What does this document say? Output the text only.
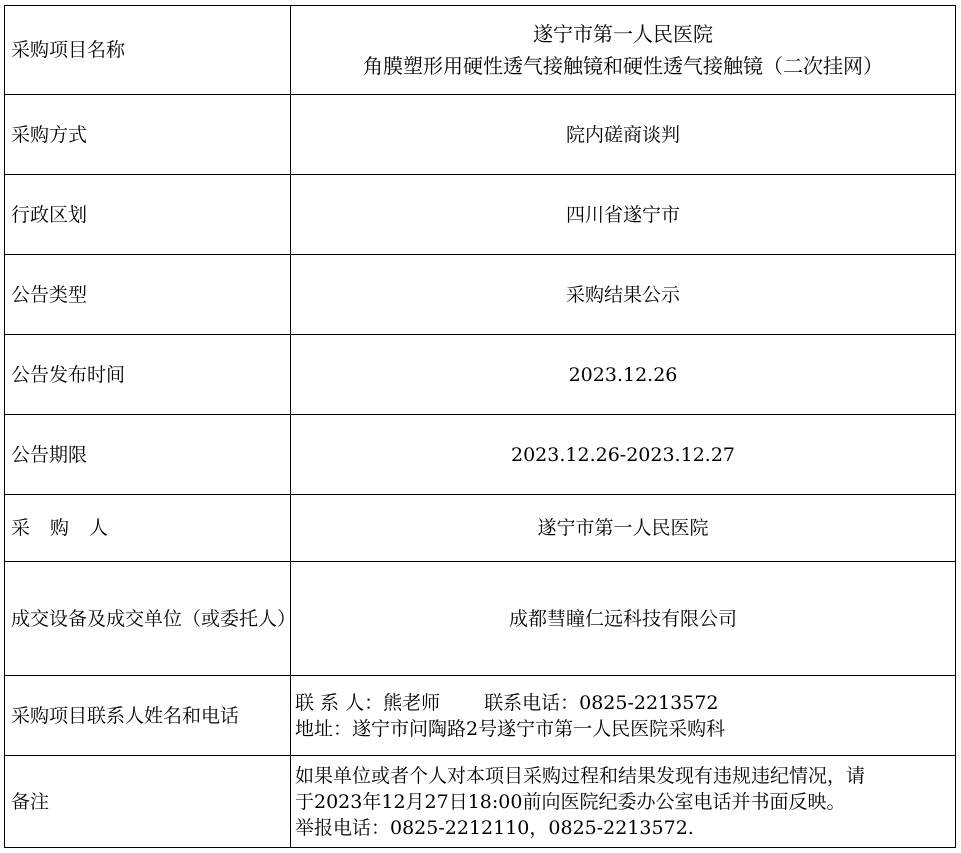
采购项目名称	遂宁市第一人民医院
角膜塑形用硬性透气接触镜和硬性透气接触镜（二次挂网）

采购方式	院内磋商谈判
行政区划	四川省遂宁市
公告类型	采购结果公示
公告发布时间	2023.12.26
公告期限	2023.12.26-2023.12.27
采购人	遂宁市第一人民医院
成交设备及成交单位（或委托人）	成都彗瞳仁远科技有限公司
采购项目联系人姓名和电话	联 系 人：熊老师　　 联系电话：0825-2213572
地址：遂宁市问陶路2号遂宁市第一人民医院采购科

备注	如果单位或者个人对本项目采购过程和结果发现有违规违纪情况，请
于2023年12月27日18:00前向医院纪委办公室电话并书面反映。
举报电话：0825-2212110，0825-2213572.
